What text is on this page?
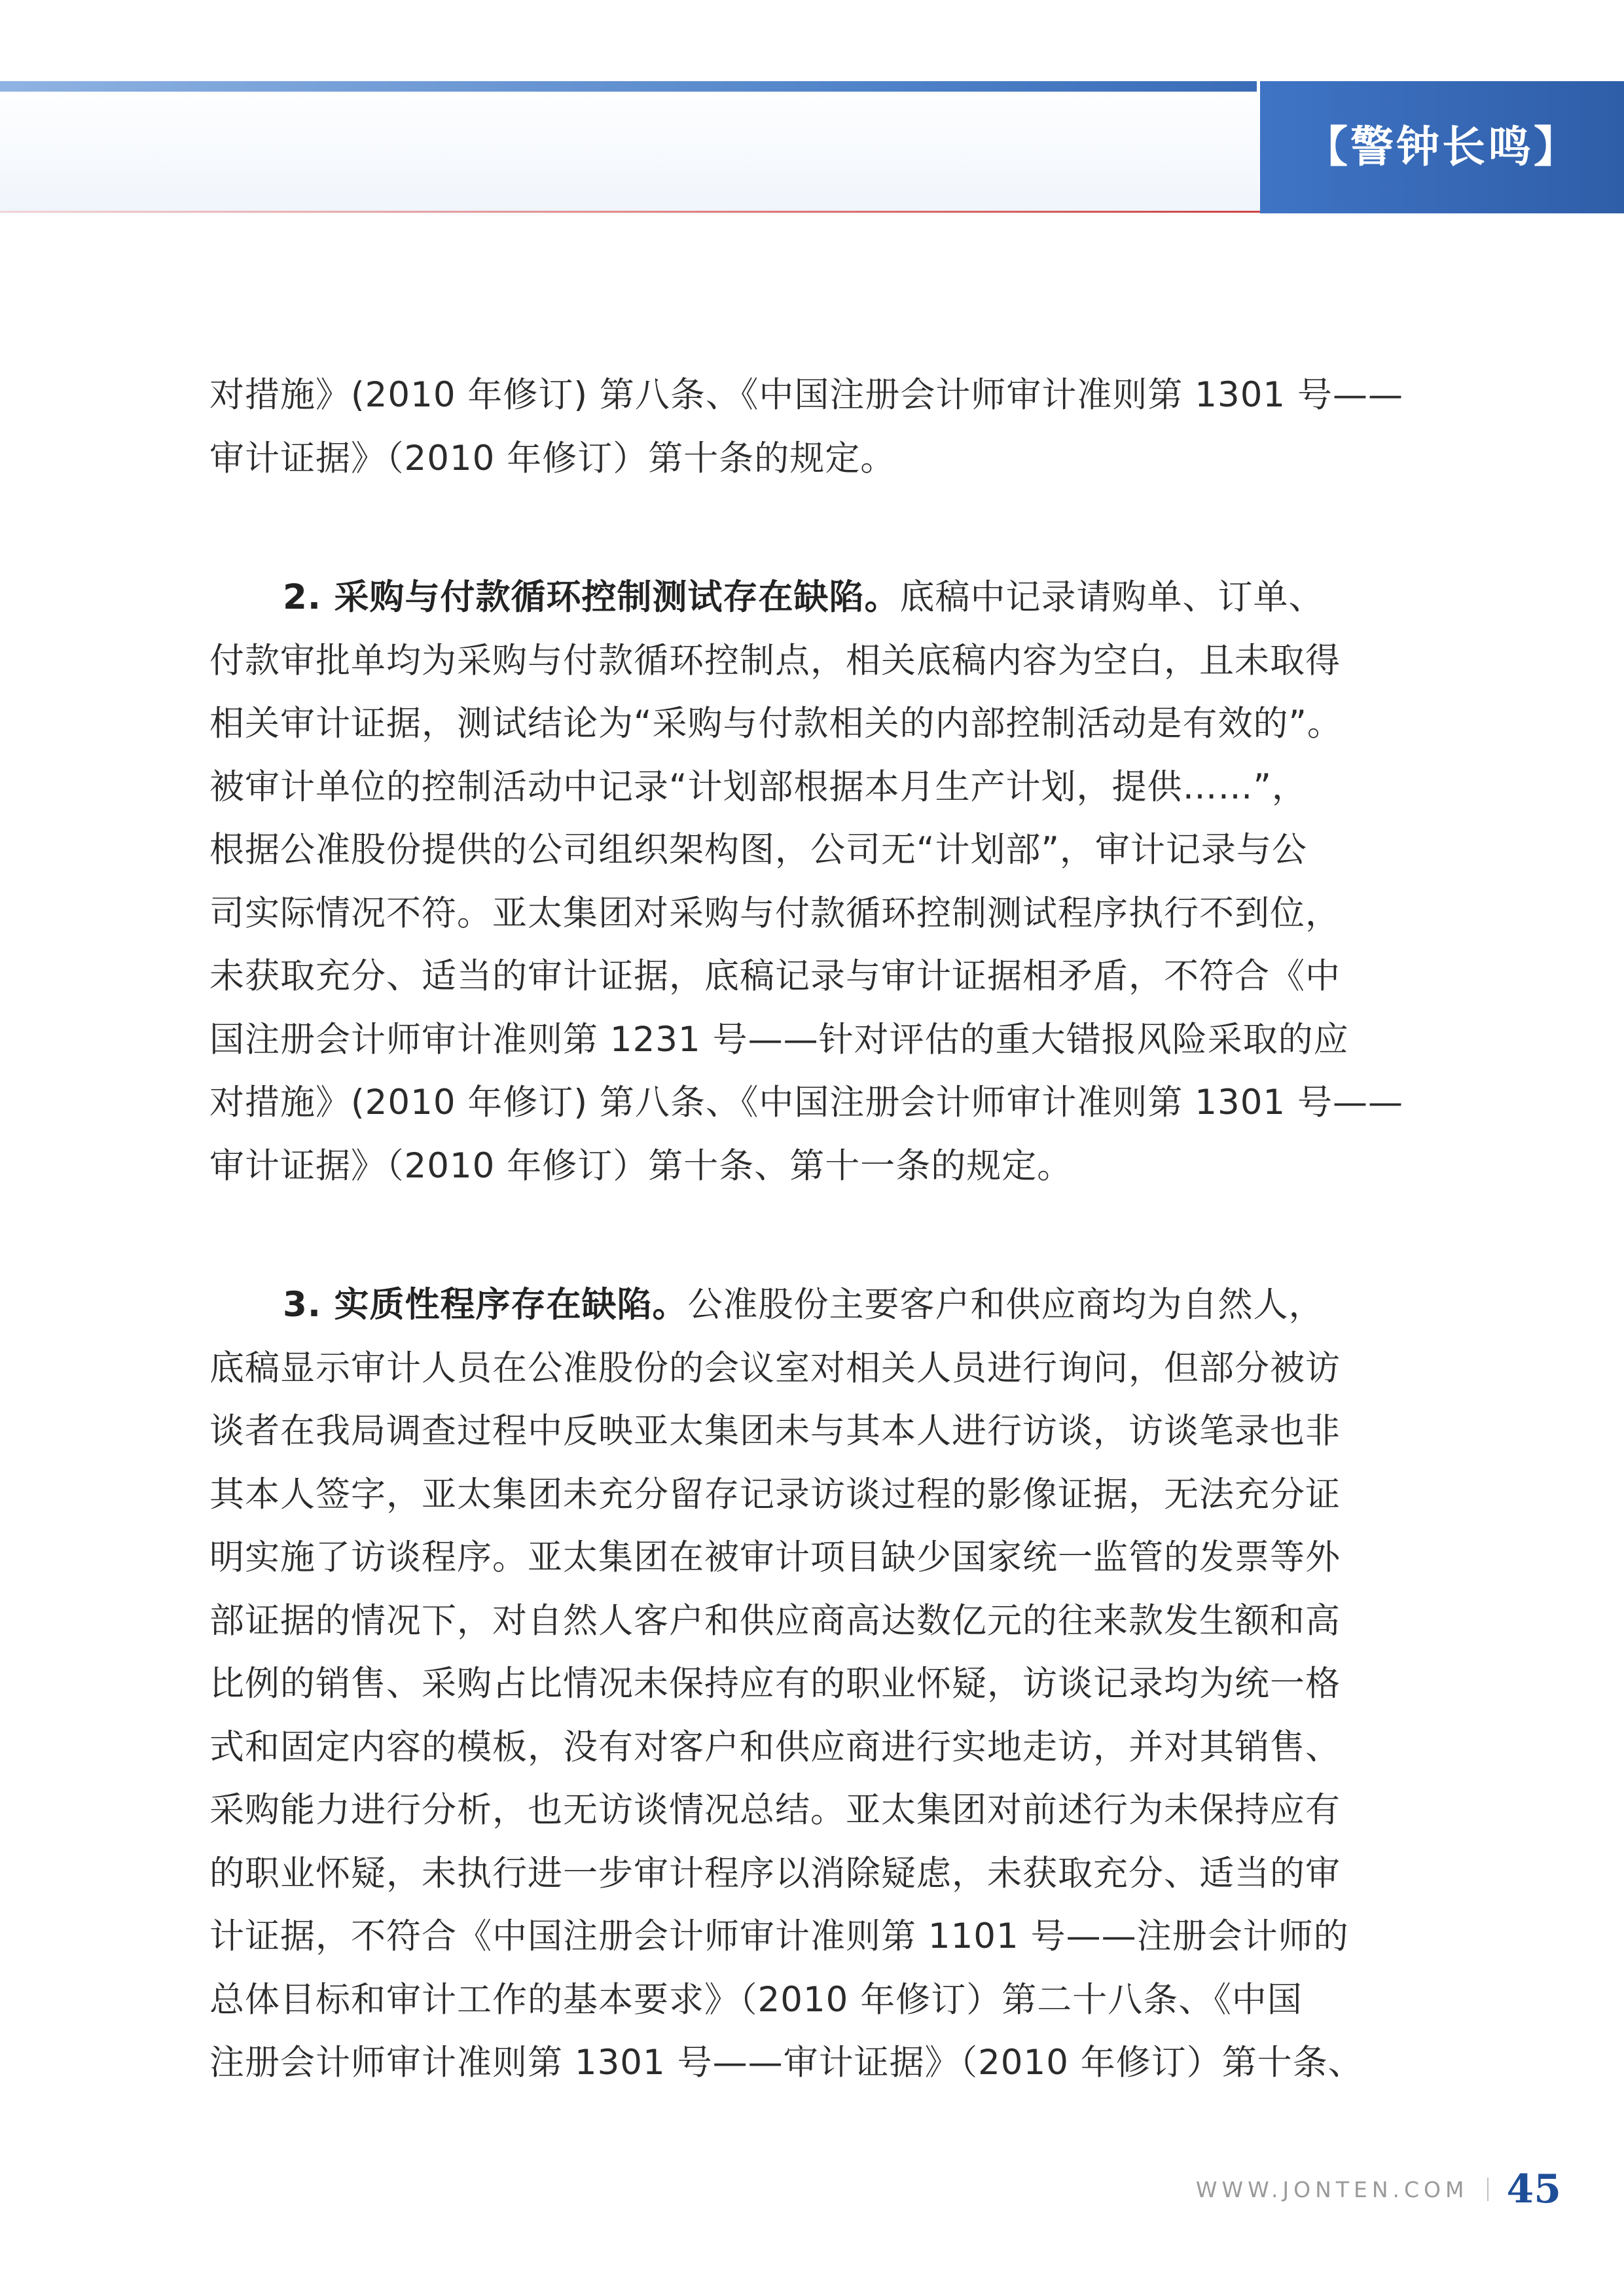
【警钟长鸣】
对措施》(2010 年修订) 第八条、《中国注册会计师审计准则第 1301 号——
审计证据》（2010 年修订）第十条的规定。
2. 采购与付款循环控制测试存在缺陷。底稿中记录请购单、订单、
付款审批单均为采购与付款循环控制点，相关底稿内容为空白，且未取得
相关审计证据，测试结论为“采购与付款相关的内部控制活动是有效的”。
被审计单位的控制活动中记录“计划部根据本月生产计划，提供……”，
根据公准股份提供的公司组织架构图，公司无“计划部”，审计记录与公
司实际情况不符。亚太集团对采购与付款循环控制测试程序执行不到位，
未获取充分、适当的审计证据，底稿记录与审计证据相矛盾，不符合《中
国注册会计师审计准则第 1231 号——针对评估的重大错报风险采取的应
对措施》(2010 年修订) 第八条、《中国注册会计师审计准则第 1301 号——
审计证据》（2010 年修订）第十条、第十一条的规定。
3. 实质性程序存在缺陷。公准股份主要客户和供应商均为自然人，
底稿显示审计人员在公准股份的会议室对相关人员进行询问，但部分被访
谈者在我局调查过程中反映亚太集团未与其本人进行访谈，访谈笔录也非
其本人签字，亚太集团未充分留存记录访谈过程的影像证据，无法充分证
明实施了访谈程序。亚太集团在被审计项目缺少国家统一监管的发票等外
部证据的情况下，对自然人客户和供应商高达数亿元的往来款发生额和高
比例的销售、采购占比情况未保持应有的职业怀疑，访谈记录均为统一格
式和固定内容的模板，没有对客户和供应商进行实地走访，并对其销售、
采购能力进行分析，也无访谈情况总结。亚太集团对前述行为未保持应有
的职业怀疑，未执行进一步审计程序以消除疑虑，未获取充分、适当的审
计证据，不符合《中国注册会计师审计准则第 1101 号——注册会计师的
总体目标和审计工作的基本要求》（2010 年修订）第二十八条、《中国
注册会计师审计准则第 1301 号——审计证据》（2010 年修订）第十条、
WWW.JONTEN.COM 45
